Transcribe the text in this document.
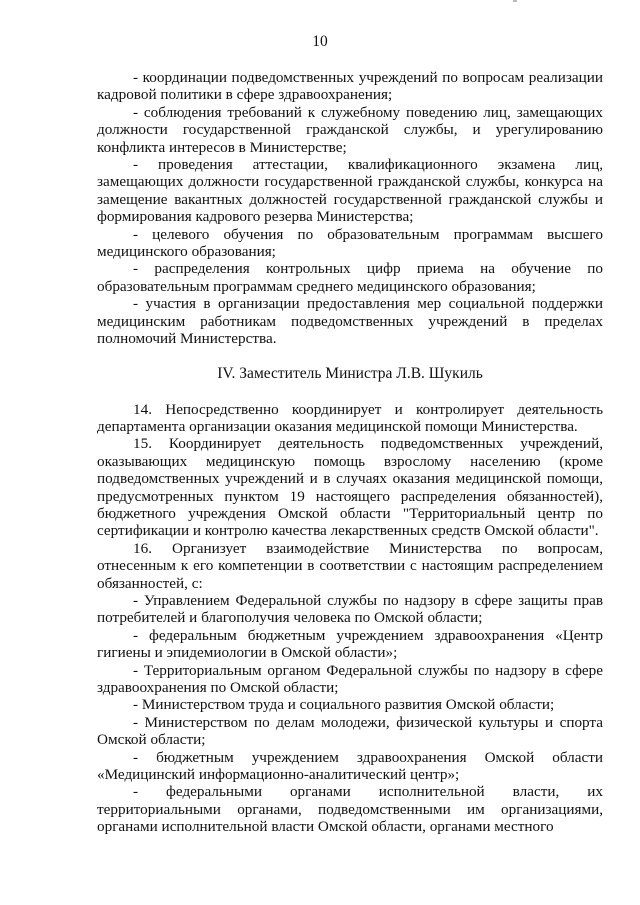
10

- координации подведомственных учреждений по вопросам реализации кадровой политики в сфере здравоохранения;

- соблюдения требований к служебному поведению лиц, замещающих должности государственной гражданской службы, и урегулированию конфликта интересов в Министерстве;

- проведения аттестации, квалификационного экзамена лиц, замещающих должности государственной гражданской службы, конкурса на замещение вакантных должностей государственной гражданской службы и формирования кадрового резерва Министерства;

- целевого обучения по образовательным программам высшего медицинского образования;

- распределения контрольных цифр приема на обучение по образовательным программам среднего медицинского образования;

- участия в организации предоставления мер социальной поддержки медицинским работникам подведомственных учреждений в пределах полномочий Министерства.

IV. Заместитель Министра Л.В. Шукиль

14. Непосредственно координирует и контролирует деятельность департамента организации оказания медицинской помощи Министерства.

15. Координирует деятельность подведомственных учреждений, оказывающих медицинскую помощь взрослому населению (кроме подведомственных учреждений и в случаях оказания медицинской помощи, предусмотренных пунктом 19 настоящего распределения обязанностей), бюджетного учреждения Омской области "Территориальный центр по сертификации и контролю качества лекарственных средств Омской области".

16. Организует взаимодействие Министерства по вопросам, отнесенным к его компетенции в соответствии с настоящим распределением обязанностей, с:

- Управлением Федеральной службы по надзору в сфере защиты прав потребителей и благополучия человека по Омской области;

- федеральным бюджетным учреждением здравоохранения «Центр гигиены и эпидемиологии в Омской области»;

- Территориальным органом Федеральной службы по надзору в сфере здравоохранения по Омской области;

- Министерством труда и социального развития Омской области;

- Министерством по делам молодежи, физической культуры и спорта Омской области;

- бюджетным учреждением здравоохранения Омской области «Медицинский информационно-аналитический центр»;

- федеральными органами исполнительной власти, их территориальными органами, подведомственными им организациями, органами исполнительной власти Омской области, органами местного
